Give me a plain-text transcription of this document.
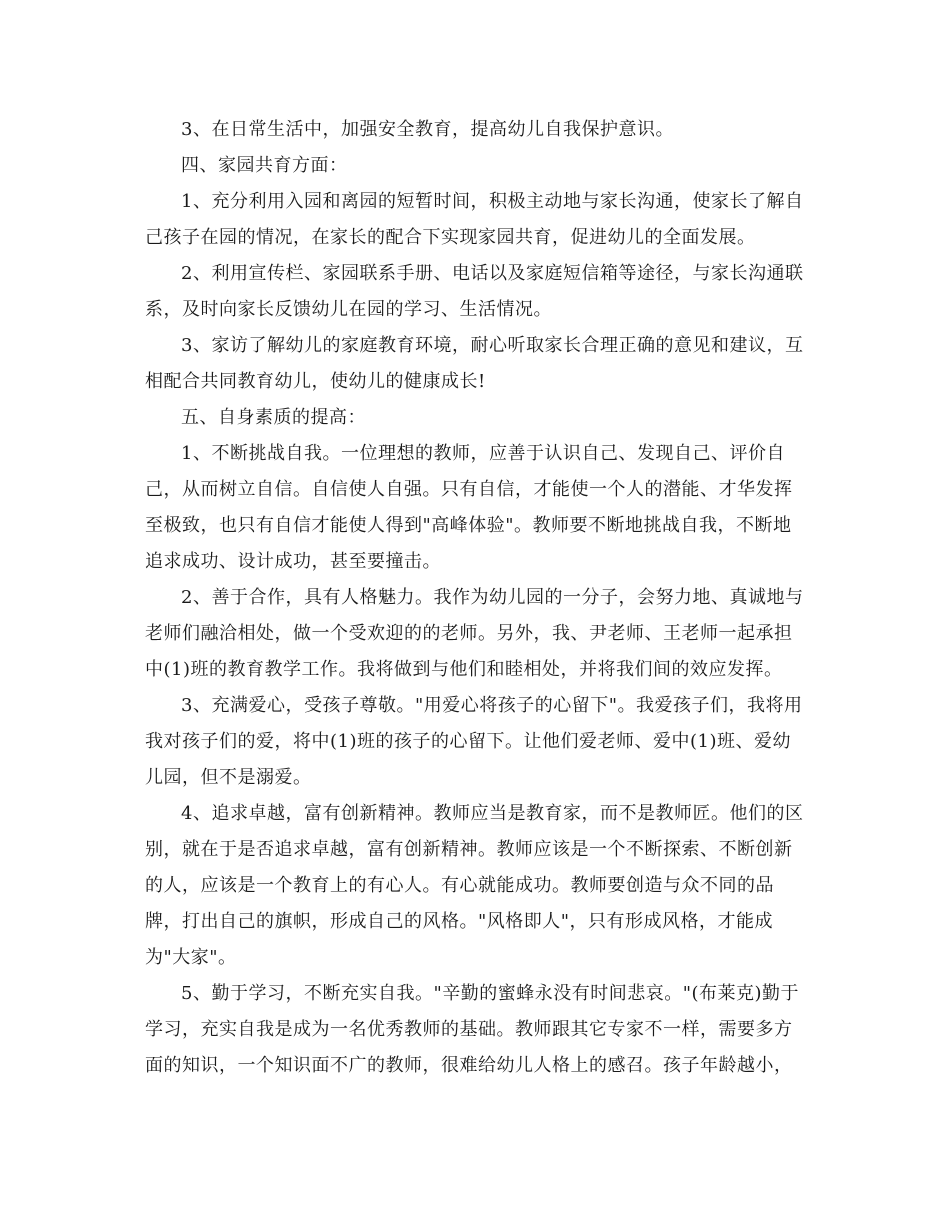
3、在日常生活中，加强安全教育，提高幼儿自我保护意识。

四、家园共育方面：

1、充分利用入园和离园的短暂时间，积极主动地与家长沟通，使家长了解自
己孩子在园的情况，在家长的配合下实现家园共育，促进幼儿的全面发展。

2、利用宣传栏、家园联系手册、电话以及家庭短信箱等途径，与家长沟通联
系，及时向家长反馈幼儿在园的学习、生活情况。

3、家访了解幼儿的家庭教育环境，耐心听取家长合理正确的意见和建议，互
相配合共同教育幼儿，使幼儿的健康成长!

五、自身素质的提高：

1、不断挑战自我。一位理想的教师，应善于认识自己、发现自己、评价自
己，从而树立自信。自信使人自强。只有自信，才能使一个人的潜能、才华发挥
至极致，也只有自信才能使人得到"高峰体验"。教师要不断地挑战自我，不断地
追求成功、设计成功，甚至要撞击。

2、善于合作，具有人格魅力。我作为幼儿园的一分子，会努力地、真诚地与
老师们融洽相处，做一个受欢迎的的老师。另外，我、尹老师、王老师一起承担
中(1)班的教育教学工作。我将做到与他们和睦相处，并将我们间的效应发挥。

3、充满爱心，受孩子尊敬。"用爱心将孩子的心留下"。我爱孩子们，我将用
我对孩子们的爱，将中(1)班的孩子的心留下。让他们爱老师、爱中(1)班、爱幼
儿园，但不是溺爱。

4、追求卓越，富有创新精神。教师应当是教育家，而不是教师匠。他们的区
别，就在于是否追求卓越，富有创新精神。教师应该是一个不断探索、不断创新
的人，应该是一个教育上的有心人。有心就能成功。教师要创造与众不同的品
牌，打出自己的旗帜，形成自己的风格。"风格即人"，只有形成风格，才能成
为"大家"。

5、勤于学习，不断充实自我。"辛勤的蜜蜂永没有时间悲哀。"(布莱克)勤于
学习，充实自我是成为一名优秀教师的基础。教师跟其它专家不一样，需要多方
面的知识，一个知识面不广的教师，很难给幼儿人格上的感召。孩子年龄越小，
